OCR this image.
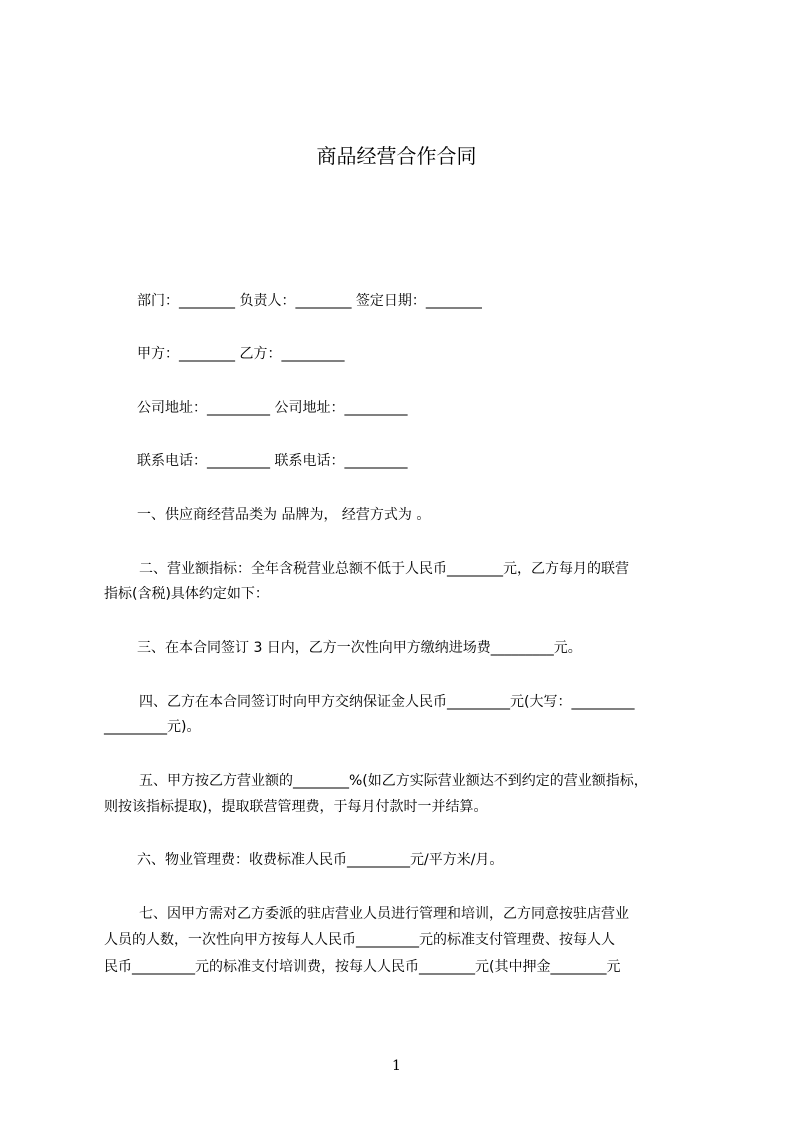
商品经营合作合同
部门：________ 负责人：________ 签定日期：________
甲方：________ 乙方：_________
公司地址：_________ 公司地址：_________
联系电话：_________ 联系电话：_________
一、供应商经营品类为 品牌为， 经营方式为 。
二、营业额指标：全年含税营业总额不低于人民币________元，乙方每月的联营
指标(含税)具体约定如下：
三、在本合同签订 3 日内，乙方一次性向甲方缴纳进场费_________元。
四、乙方在本合同签订时向甲方交纳保证金人民币_________元(大写：_________
_________元)。
五、甲方按乙方营业额的________%(如乙方实际营业额达不到约定的营业额指标，
则按该指标提取)，提取联营管理费，于每月付款时一并结算。
六、物业管理费：收费标准人民币_________元/平方米/月。
七、因甲方需对乙方委派的驻店营业人员进行管理和培训，乙方同意按驻店营业
人员的人数，一次性向甲方按每人人民币_________元的标准支付管理费、按每人人
民币_________元的标准支付培训费，按每人人民币________元(其中押金________元
1
